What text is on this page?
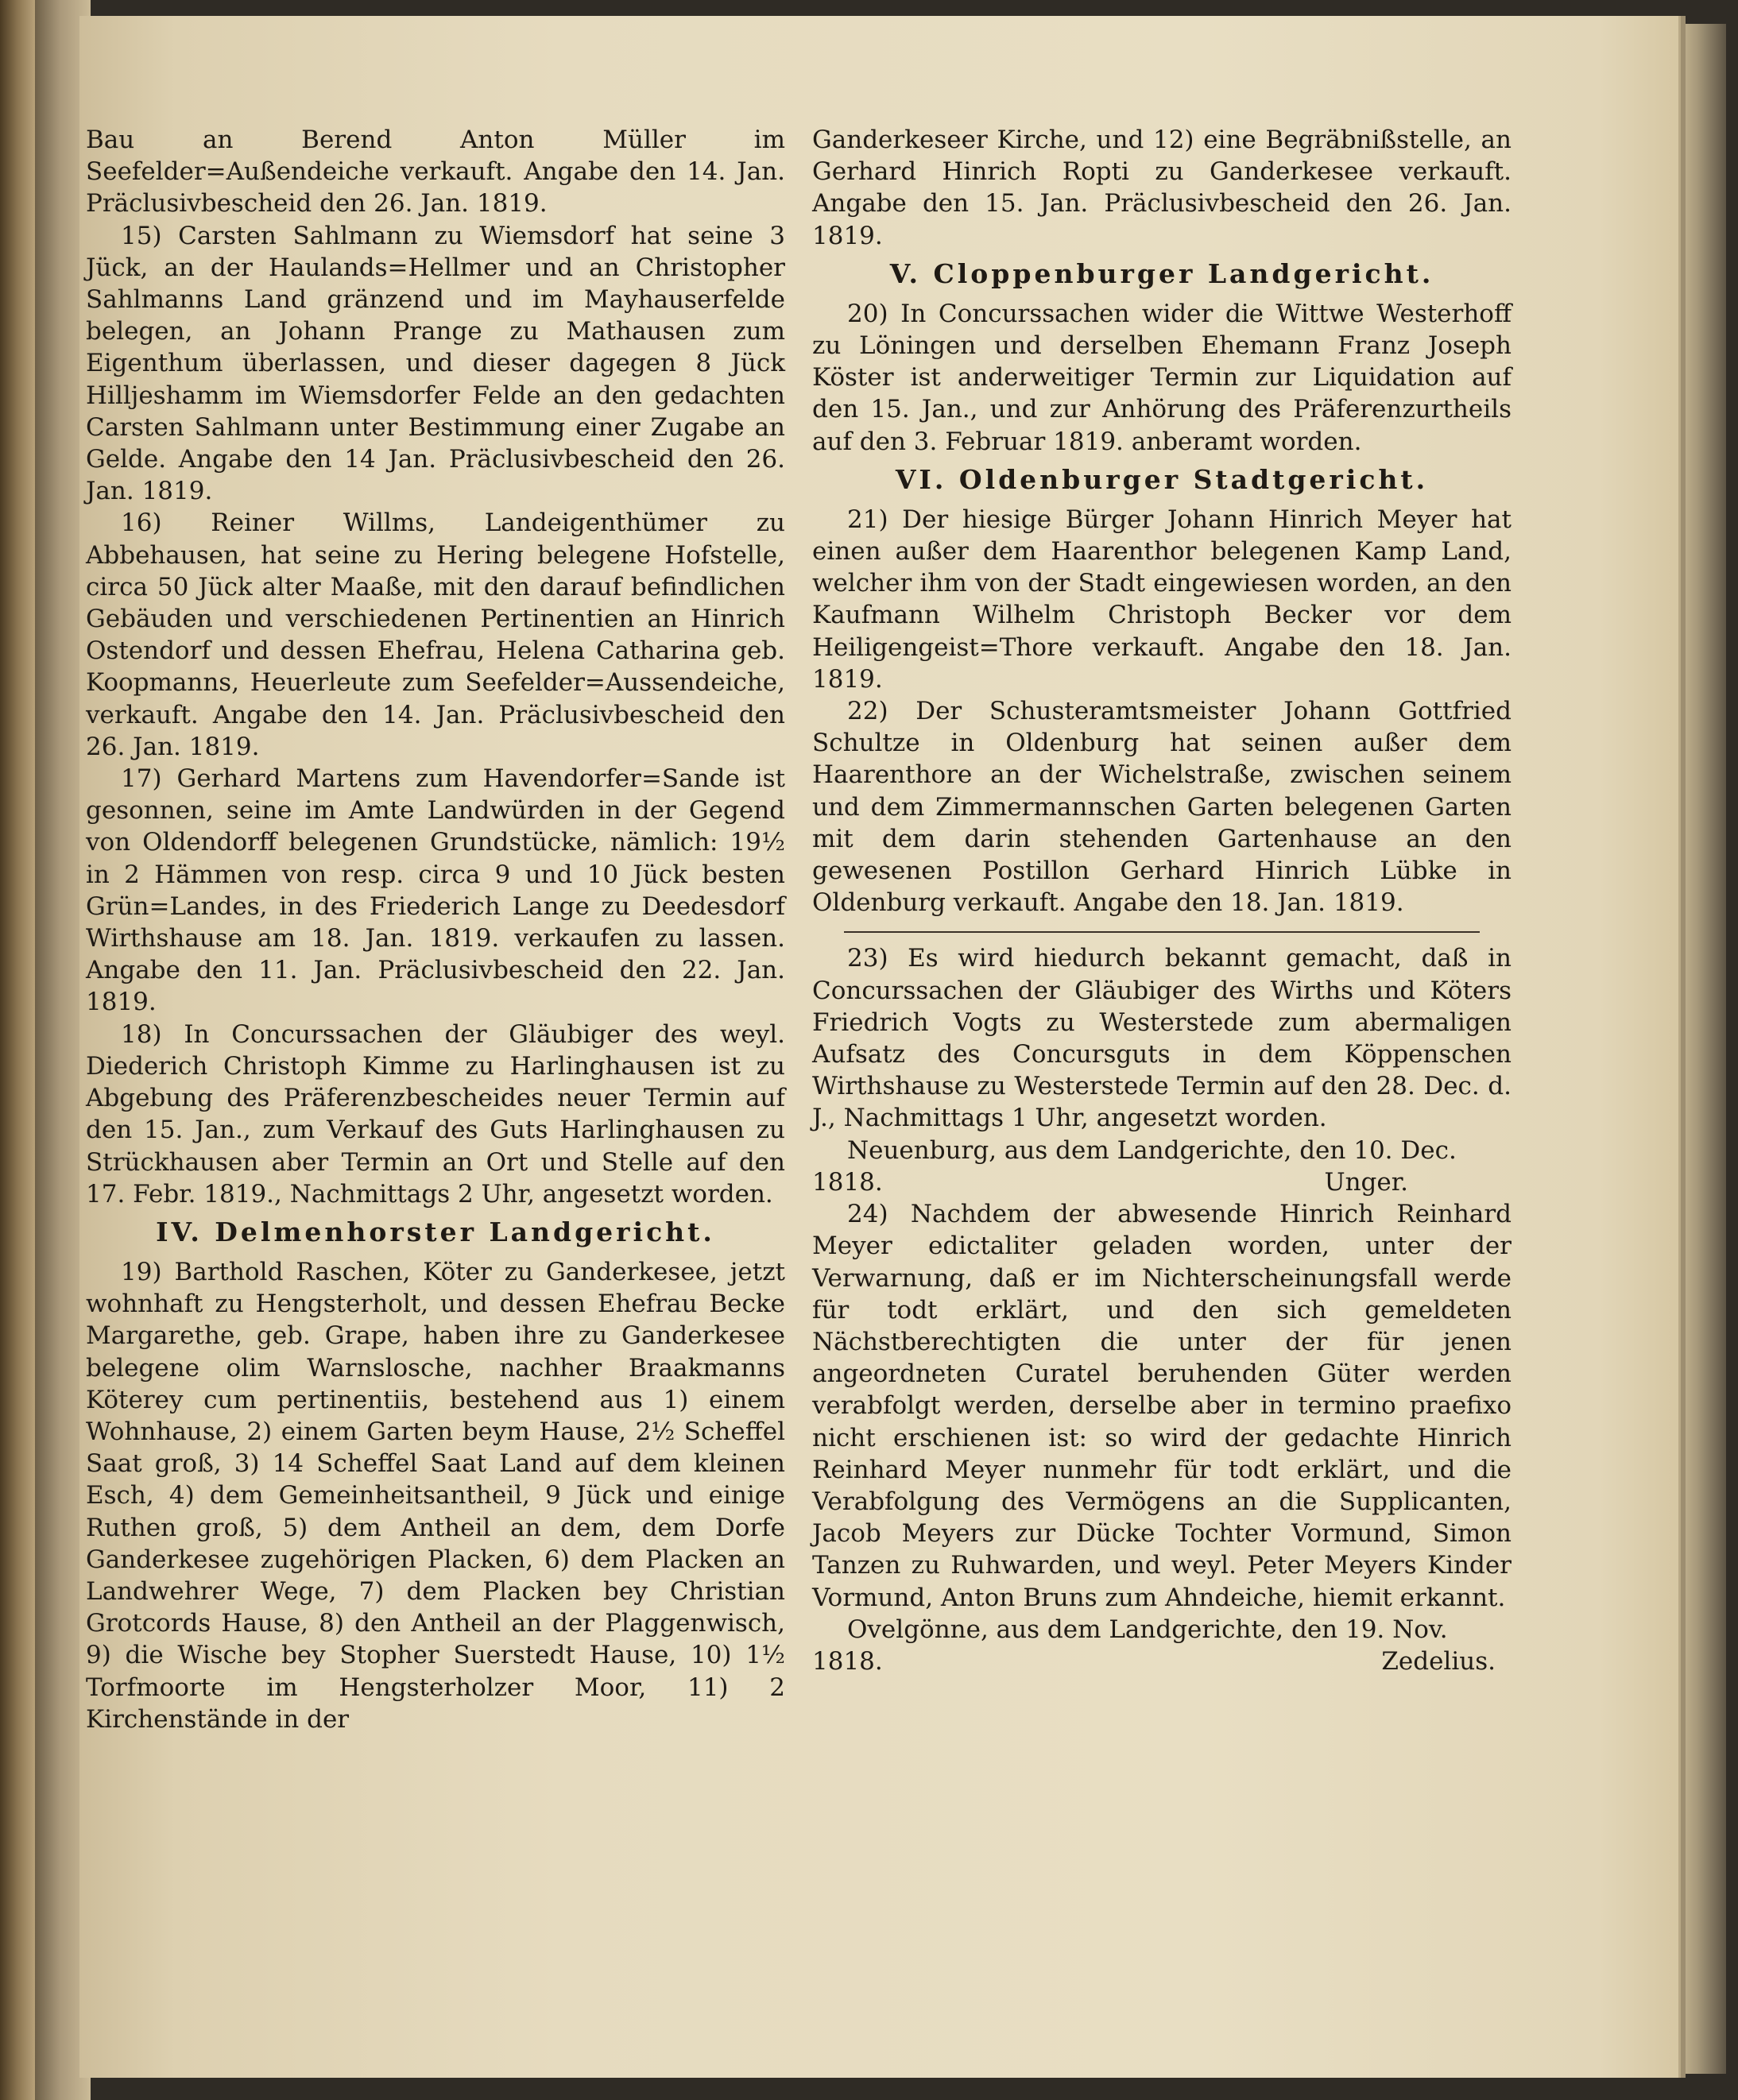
Bau an Berend Anton Müller im Seefelder=Außendeiche verkauft. Angabe den 14. Jan. Präclusivbescheid den 26. Jan. 1819.

15) Carsten Sahlmann zu Wiemsdorf hat seine 3 Jück, an der Haulands=Hellmer und an Christopher Sahlmanns Land gränzend und im Mayhauserfelde belegen, an Johann Prange zu Mathausen zum Eigenthum überlassen, und dieser dagegen 8 Jück Hilljeshamm im Wiemsdorfer Felde an den gedachten Carsten Sahlmann unter Bestimmung einer Zugabe an Gelde. Angabe den 14 Jan. Präclusivbescheid den 26. Jan. 1819.

16) Reiner Willms, Landeigenthümer zu Abbehausen, hat seine zu Hering belegene Hofstelle, circa 50 Jück alter Maaße, mit den darauf befindlichen Gebäuden und verschiedenen Pertinentien an Hinrich Ostendorf und dessen Ehefrau, Helena Catharina geb. Koopmanns, Heuerleute zum Seefelder=Aussendeiche, verkauft. Angabe den 14. Jan. Präclusivbescheid den 26. Jan. 1819.

17) Gerhard Martens zum Havendorfer=Sande ist gesonnen, seine im Amte Landwürden in der Gegend von Oldendorff belegenen Grundstücke, nämlich: 19½ in 2 Hämmen von resp. circa 9 und 10 Jück besten Grün=Landes, in des Friederich Lange zu Deedesdorf Wirthshause am 18. Jan. 1819. verkaufen zu lassen. Angabe den 11. Jan. Präclusivbescheid den 22. Jan. 1819.

18) In Concurssachen der Gläubiger des weyl. Diederich Christoph Kimme zu Harlinghausen ist zu Abgebung des Präferenzbescheides neuer Termin auf den 15. Jan., zum Verkauf des Guts Harlinghausen zu Strückhausen aber Termin an Ort und Stelle auf den 17. Febr. 1819., Nachmittags 2 Uhr, angesetzt worden.

IV. Delmenhorster Landgericht.

19) Barthold Raschen, Köter zu Ganderkesee, jetzt wohnhaft zu Hengsterholt, und dessen Ehefrau Becke Margarethe, geb. Grape, haben ihre zu Ganderkesee belegene olim Warnslosche, nachher Braakmanns Köterey cum pertinentiis, bestehend aus 1) einem Wohnhause, 2) einem Garten beym Hause, 2½ Scheffel Saat groß, 3) 14 Scheffel Saat Land auf dem kleinen Esch, 4) dem Gemeinheitsantheil, 9 Jück und einige Ruthen groß, 5) dem Antheil an dem, dem Dorfe Ganderkesee zugehörigen Placken, 6) dem Placken an Landwehrer Wege, 7) dem Placken bey Christian Grotcords Hause, 8) den Antheil an der Plaggenwisch, 9) die Wische bey Stopher Suerstedt Hause, 10) 1½ Torfmoorte im Hengsterholzer Moor, 11) 2 Kirchenstände in der

Ganderkeseer Kirche, und 12) eine Begräbnißstelle, an Gerhard Hinrich Ropti zu Ganderkesee verkauft. Angabe den 15. Jan. Präclusivbescheid den 26. Jan. 1819.

V. Cloppenburger Landgericht.

20) In Concurssachen wider die Wittwe Westerhoff zu Löningen und derselben Ehemann Franz Joseph Köster ist anderweitiger Termin zur Liquidation auf den 15. Jan., und zur Anhörung des Präferenzurtheils auf den 3. Februar 1819. anberamt worden.

VI. Oldenburger Stadtgericht.

21) Der hiesige Bürger Johann Hinrich Meyer hat einen außer dem Haarenthor belegenen Kamp Land, welcher ihm von der Stadt eingewiesen worden, an den Kaufmann Wilhelm Christoph Becker vor dem Heiligengeist=Thore verkauft. Angabe den 18. Jan. 1819.

22) Der Schusteramtsmeister Johann Gottfried Schultze in Oldenburg hat seinen außer dem Haarenthore an der Wichelstraße, zwischen seinem und dem Zimmermannschen Garten belegenen Garten mit dem darin stehenden Gartenhause an den gewesenen Postillon Gerhard Hinrich Lübke in Oldenburg verkauft. Angabe den 18. Jan. 1819.

23) Es wird hiedurch bekannt gemacht, daß in Concurssachen der Gläubiger des Wirths und Köters Friedrich Vogts zu Westerstede zum abermaligen Aufsatz des Concursguts in dem Köppenschen Wirthshause zu Westerstede Termin auf den 28. Dec. d. J., Nachmittags 1 Uhr, angesetzt worden.

Neuenburg, aus dem Landgerichte, den 10. Dec.

1818.	Unger.

24) Nachdem der abwesende Hinrich Reinhard Meyer edictaliter geladen worden, unter der Verwarnung, daß er im Nichterscheinungsfall werde für todt erklärt, und den sich gemeldeten Nächstberechtigten die unter der für jenen angeordneten Curatel beruhenden Güter werden verabfolgt werden, derselbe aber in termino praefixo nicht erschienen ist: so wird der gedachte Hinrich Reinhard Meyer nunmehr für todt erklärt, und die Verabfolgung des Vermögens an die Supplicanten, Jacob Meyers zur Dücke Tochter Vormund, Simon Tanzen zu Ruhwarden, und weyl. Peter Meyers Kinder Vormund, Anton Bruns zum Ahndeiche, hiemit erkannt.

Ovelgönne, aus dem Landgerichte, den 19. Nov.

1818.	Zedelius.
